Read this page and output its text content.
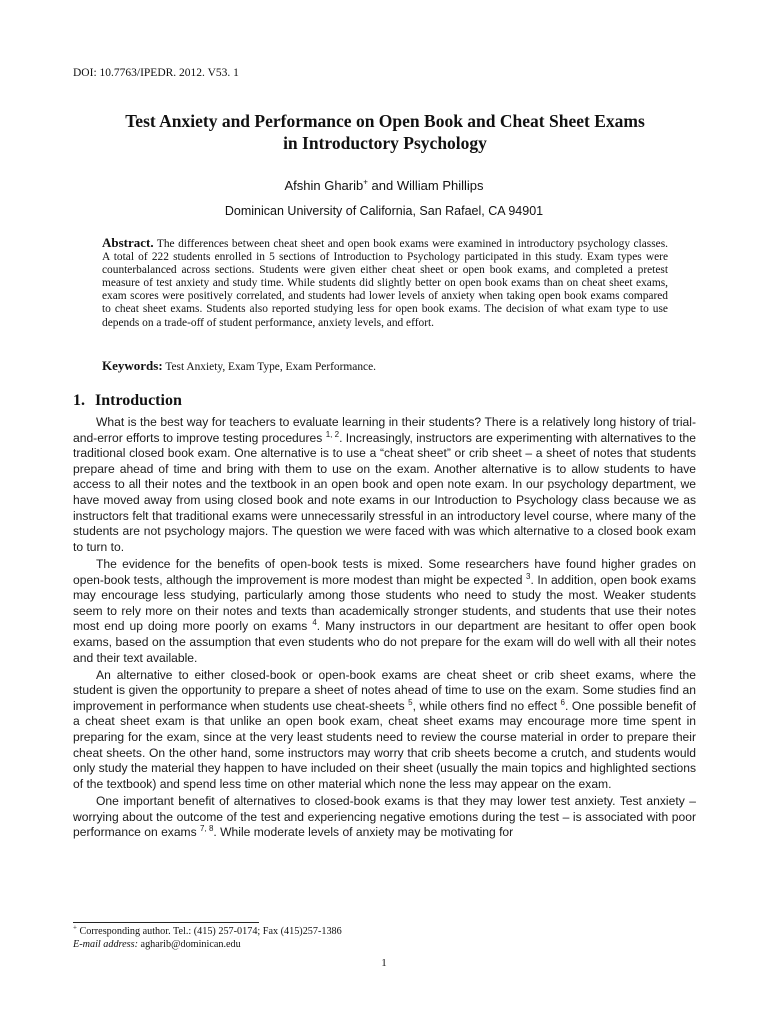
DOI: 10.7763/IPEDR. 2012. V53. 1
Test Anxiety and Performance on Open Book and Cheat Sheet Exams
in Introductory Psychology
Afshin Gharib+ and William Phillips
Dominican University of California, San Rafael, CA 94901
Abstract. The differences between cheat sheet and open book exams were examined in introductory psychology classes. A total of 222 students enrolled in 5 sections of Introduction to Psychology participated in this study. Exam types were counterbalanced across sections. Students were given either cheat sheet or open book exams, and completed a pretest measure of test anxiety and study time. While students did slightly better on open book exams than on cheat sheet exams, exam scores were positively correlated, and students had lower levels of anxiety when taking open book exams compared to cheat sheet exams. Students also reported studying less for open book exams. The decision of what exam type to use depends on a trade-off of student performance, anxiety levels, and effort.
Keywords: Test Anxiety, Exam Type, Exam Performance.
1. Introduction

What is the best way for teachers to evaluate learning in their students? There is a relatively long history of trial-and-error efforts to improve testing procedures $^{1, 2}$. Increasingly, instructors are experimenting with alternatives to the traditional closed book exam. One alternative is to use a “cheat sheet” or crib sheet – a sheet of notes that students prepare ahead of time and bring with them to use on the exam. Another alternative is to allow students to have access to all their notes and the textbook in an open book and open note exam. In our psychology department, we have moved away from using closed book and note exams in our Introduction to Psychology class because we as instructors felt that traditional exams were unnecessarily stressful in an introductory level course, where many of the students are not psychology majors. The question we were faced with was which alternative to a closed book exam to turn to.

The evidence for the benefits of open-book tests is mixed. Some researchers have found higher grades on open-book tests, although the improvement is more modest than might be expected $^3$. In addition, open book exams may encourage less studying, particularly among those students who need to study the most. Weaker students seem to rely more on their notes and texts than academically stronger students, and students that use their notes most end up doing more poorly on exams $^4$. Many instructors in our department are hesitant to offer open book exams, based on the assumption that even students who do not prepare for the exam will do well with all their notes and their text available.

An alternative to either closed-book or open-book exams are cheat sheet or crib sheet exams, where the student is given the opportunity to prepare a sheet of notes ahead of time to use on the exam. Some studies find an improvement in performance when students use cheat-sheets $^5$, while others find no effect $^6$. One possible benefit of a cheat sheet exam is that unlike an open book exam, cheat sheet exams may encourage more time spent in preparing for the exam, since at the very least students need to review the course material in order to prepare their cheat sheets. On the other hand, some instructors may worry that crib sheets become a crutch, and students would only study the material they happen to have included on their sheet (usually the main topics and highlighted sections of the textbook) and spend less time on other material which none the less may appear on the exam.

One important benefit of alternatives to closed-book exams is that they may lower test anxiety. Test anxiety – worrying about the outcome of the test and experiencing negative emotions during the test – is associated with poor performance on exams $^{7, 8}$. While moderate levels of anxiety may be motivating for

+ Corresponding author. Tel.: (415) 257-0174; Fax (415)257-1386
E-mail address: agharib@dominican.edu
1
